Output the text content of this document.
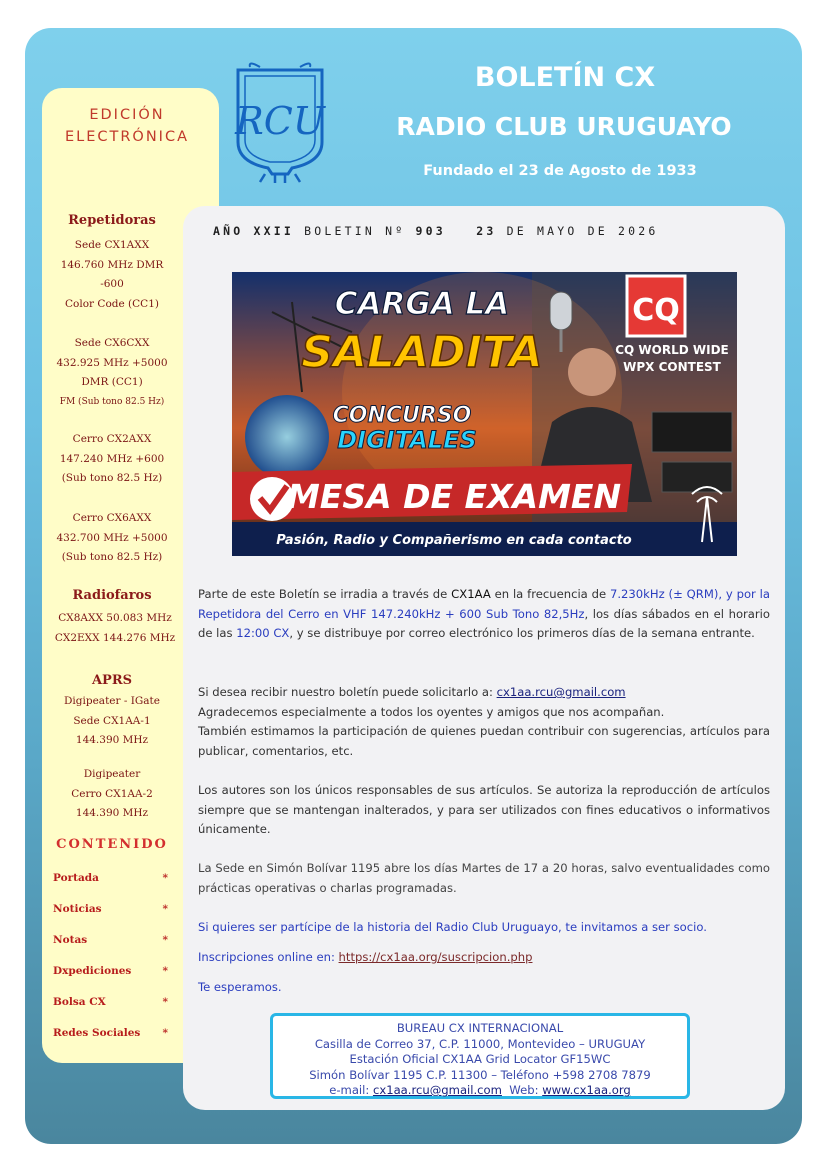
RCU
BOLETÍN CX
RADIO CLUB URUGUAYO
Fundado el 23 de Agosto de 1933
EDICIÓN
ELECTRÓNICA
Repetidoras
Sede CX1AXX
146.760 MHz DMR
-600
Color Code (CC1)
Sede CX6CXX
432.925 MHz +5000
DMR (CC1)
FM (Sub tono 82.5 Hz)
Cerro CX2AXX
147.240 MHz +600
(Sub tono 82.5 Hz)
Cerro CX6AXX
432.700 MHz +5000
(Sub tono 82.5 Hz)
Radiofaros
CX8AXX 50.083 MHz
CX2EXX 144.276 MHz
APRS
Digipeater - IGate
Sede CX1AA-1
144.390 MHz
Digipeater
Cerro CX1AA-2
144.390 MHz
CONTENIDO
Portada	*
Noticias	*
Notas	*
Dxpediciones	*
Bolsa CX	*
Redes Sociales *
AÑO XXII BOLETIN Nº 903	23 DE MAYO DE 2026
CQ
CQ WORLD WIDE
WPX CONTEST
CARGA LA
SALADITA
CONCURSO
DIGITALES
MESA DE EXAMEN
Pasión, Radio y Compañerismo en cada contacto
Parte de este Boletín se irradia a través de CX1AA en la frecuencia de 7.230kHz (± QRM), y por la Repetidora del Cerro en VHF 147.240kHz + 600 Sub Tono 82,5Hz, los días sábados en el horario de las 12:00 CX, y se distribuye por correo electrónico los primeros días de la semana entrante.
Si desea recibir nuestro boletín puede solicitarlo a: cx1aa.rcu@gmail.com
Agradecemos especialmente a todos los oyentes y amigos que nos acompañan.
También estimamos la participación de quienes puedan contribuir con sugerencias, artículos para publicar, comentarios, etc.
Los autores son los únicos responsables de sus artículos. Se autoriza la reproducción de artículos siempre que se mantengan inalterados, y para ser utilizados con fines educativos o informativos únicamente.
La Sede en Simón Bolívar 1195 abre los días Martes de 17 a 20 horas, salvo eventualidades como prácticas operativas o charlas programadas.
Si quieres ser partícipe de la historia del Radio Club Uruguayo, te invitamos a ser socio.
Inscripciones online en: https://cx1aa.org/suscripcion.php
Te esperamos.
BUREAU CX INTERNACIONAL
Casilla de Correo 37, C.P. 11000, Montevideo – URUGUAY
Estación Oficial CX1AA Grid Locator GF15WC
Simón Bolívar 1195 C.P. 11300 – Teléfono +598 2708 7879
e-mail: cx1aa.rcu@gmail.com  Web: www.cx1aa.org
